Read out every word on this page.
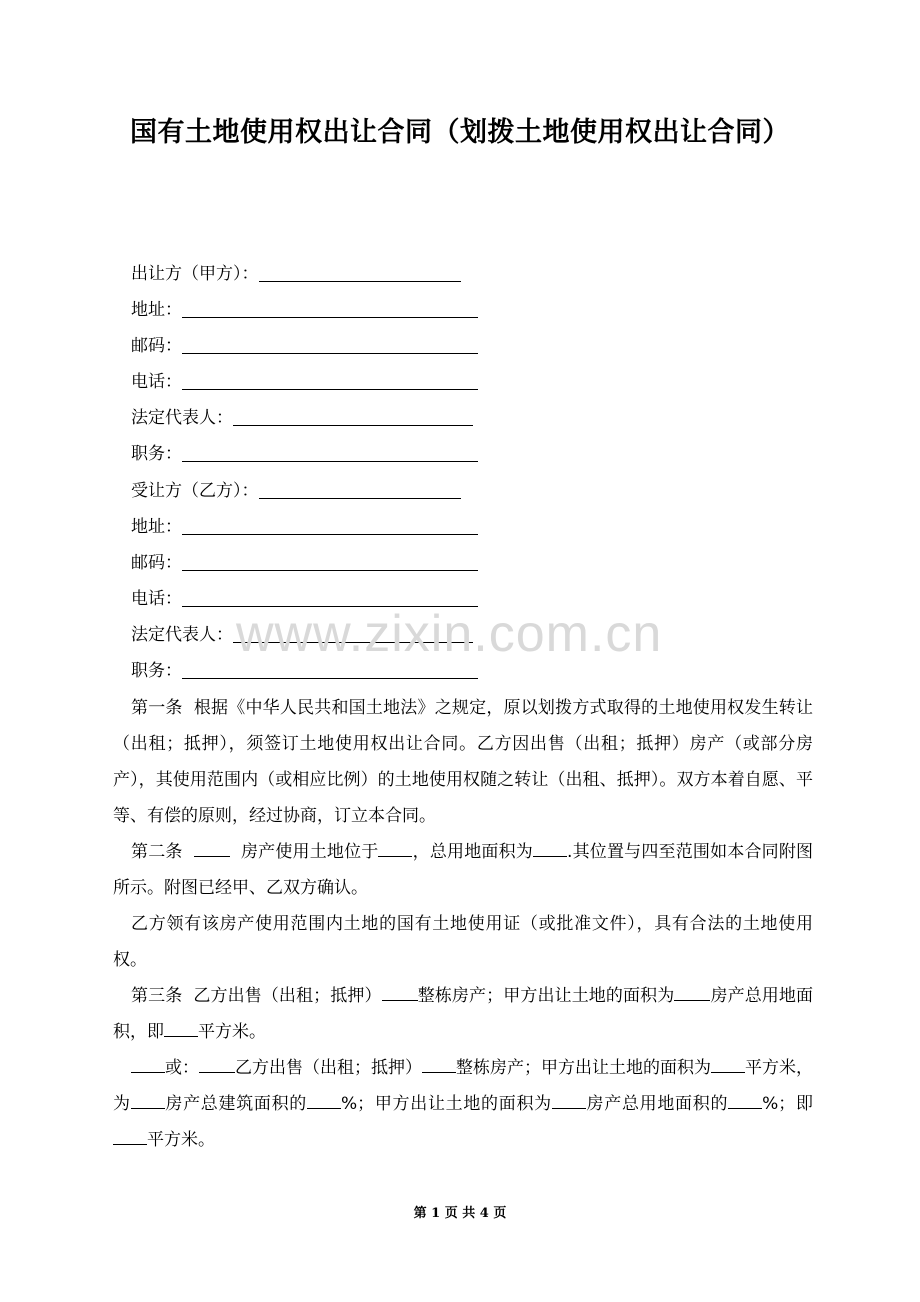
国有土地使用权出让合同（划拨土地使用权出让合同）
出让方（甲方）：
地址：
邮码：
电话：
法定代表人：
职务：
受让方（乙方）：
地址：
邮码：
电话：
法定代表人：
职务：
第一条 根据《中华人民共和国土地法》之规定，原以划拨方式取得的土地使用权发生转让（出租；抵押），须签订土地使用权出让合同。乙方因出售（出租；抵押）房产（或部分房产），其使用范围内（或相应比例）的土地使用权随之转让（出租、抵押）。双方本着自愿、平等、有偿的原则，经过协商，订立本合同。
第二条	房产使用土地位于 ，总用地面积为 .其位置与四至范围如本合同附图所示。附图已经甲、乙双方确认。
乙方领有该房产使用范围内土地的国有土地使用证（或批准文件），具有合法的土地使用权。
第三条 乙方出售（出租；抵押） 整栋房产；甲方出让土地的面积为 房产总用地面积，即 平方米。
或： 乙方出售（出租；抵押） 整栋房产；甲方出让土地的面积为 平方米，为 房产总建筑面积的 %；甲方出让土地的面积为 房产总用地面积的 %；即平方米。
www.zixin.com.cn
第 1 页 共 4 页
